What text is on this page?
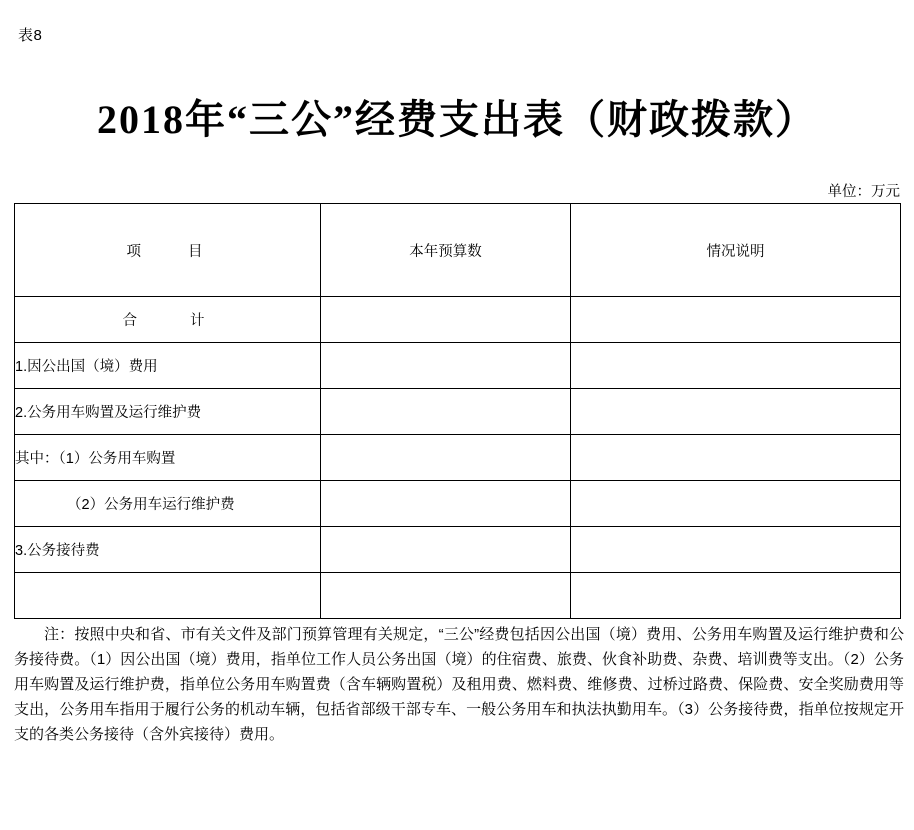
表8
2018年“三公”经费支出表（财政拨款）
单位：万元
项　　目	本年预算数	情况说明
合　　计		
1.因公出国（境）费用		
2.公务用车购置及运行维护费		
其中：（1）公务用车购置		
（2）公务用车运行维护费		
3.公务接待费		

注：按照中央和省、市有关文件及部门预算管理有关规定，“三公”经费包括因公出国（境）费用、公务用车购置及运行维护费和公务接待费。（1）因公出国（境）费用，指单位工作人员公务出国（境）的住宿费、旅费、伙食补助费、杂费、培训费等支出。（2）公务用车购置及运行维护费，指单位公务用车购置费（含车辆购置税）及租用费、燃料费、维修费、过桥过路费、保险费、安全奖励费用等支出，公务用车指用于履行公务的机动车辆，包括省部级干部专车、一般公务用车和执法执勤用车。（3）公务接待费，指单位按规定开支的各类公务接待（含外宾接待）费用。
